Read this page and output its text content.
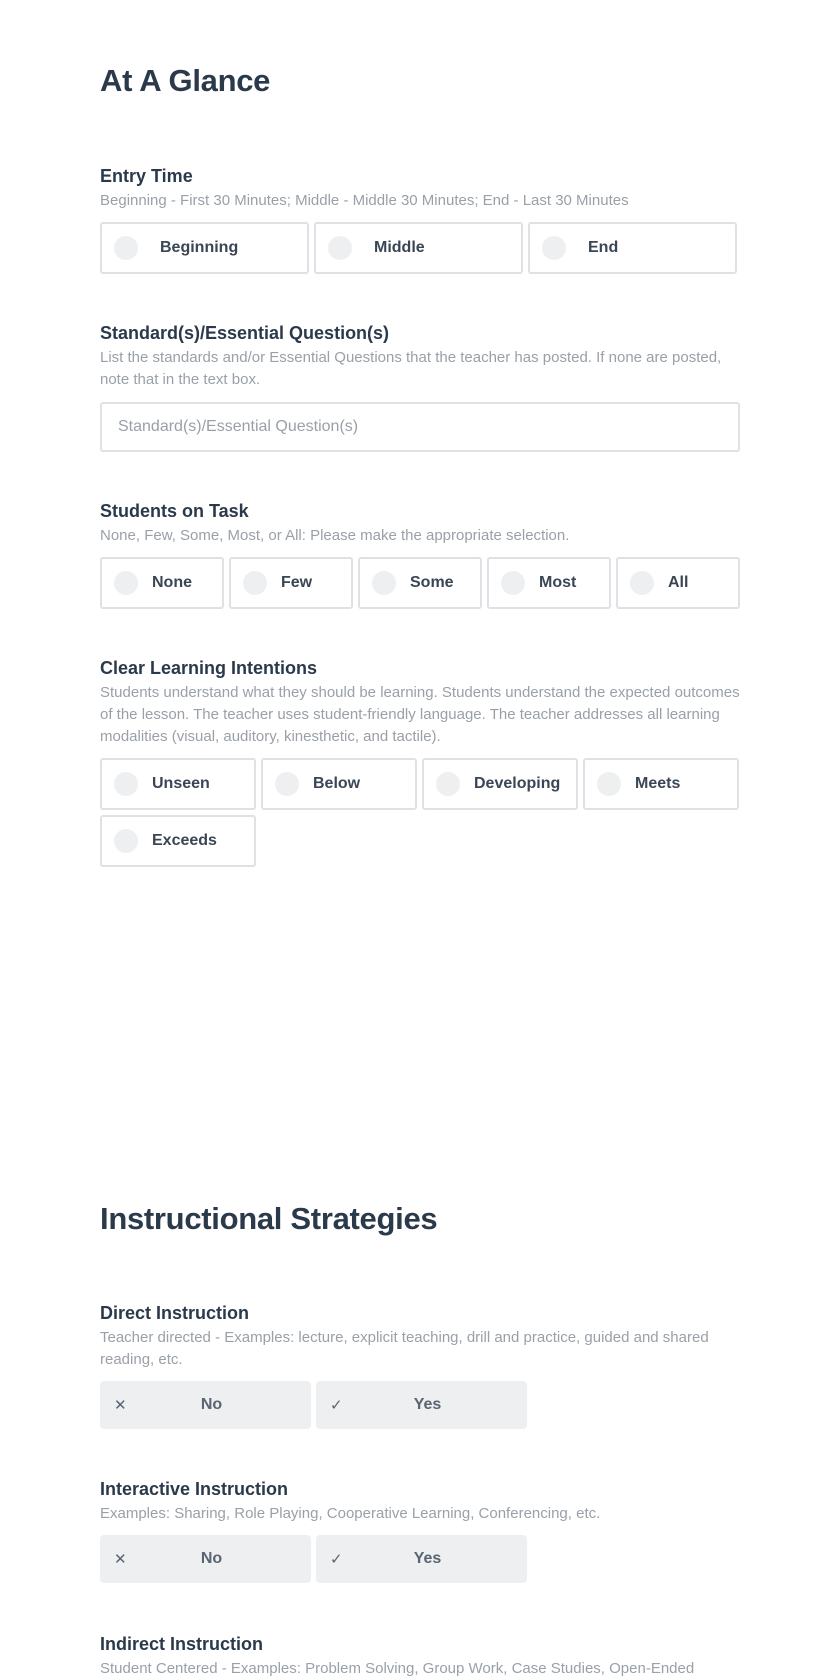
At A Glance
Entry Time
Beginning - First 30 Minutes; Middle - Middle 30 Minutes; End - Last 30 Minutes
Beginning	Middle	End
Standard(s)/Essential Question(s)
List the standards and/or Essential Questions that the teacher has posted. If none are posted, note that in the text box.
Standard(s)/Essential Question(s)
Students on Task
None, Few, Some, Most, or All: Please make the appropriate selection.
None	Few	Some	Most	All
Clear Learning Intentions
Students understand what they should be learning. Students understand the expected outcomes of the lesson. The teacher uses student-friendly language. The teacher addresses all learning modalities (visual, auditory, kinesthetic, and tactile).
Unseen	Below	Developing	Meets
Exceeds
Instructional Strategies
Direct Instruction
Teacher directed - Examples: lecture, explicit teaching, drill and practice, guided and shared reading, etc.
✕	No	✓	Yes
Interactive Instruction
Examples: Sharing, Role Playing, Cooperative Learning, Conferencing, etc.
✕	No	✓	Yes
Indirect Instruction
Student Centered - Examples: Problem Solving, Group Work, Case Studies, Open-Ended
